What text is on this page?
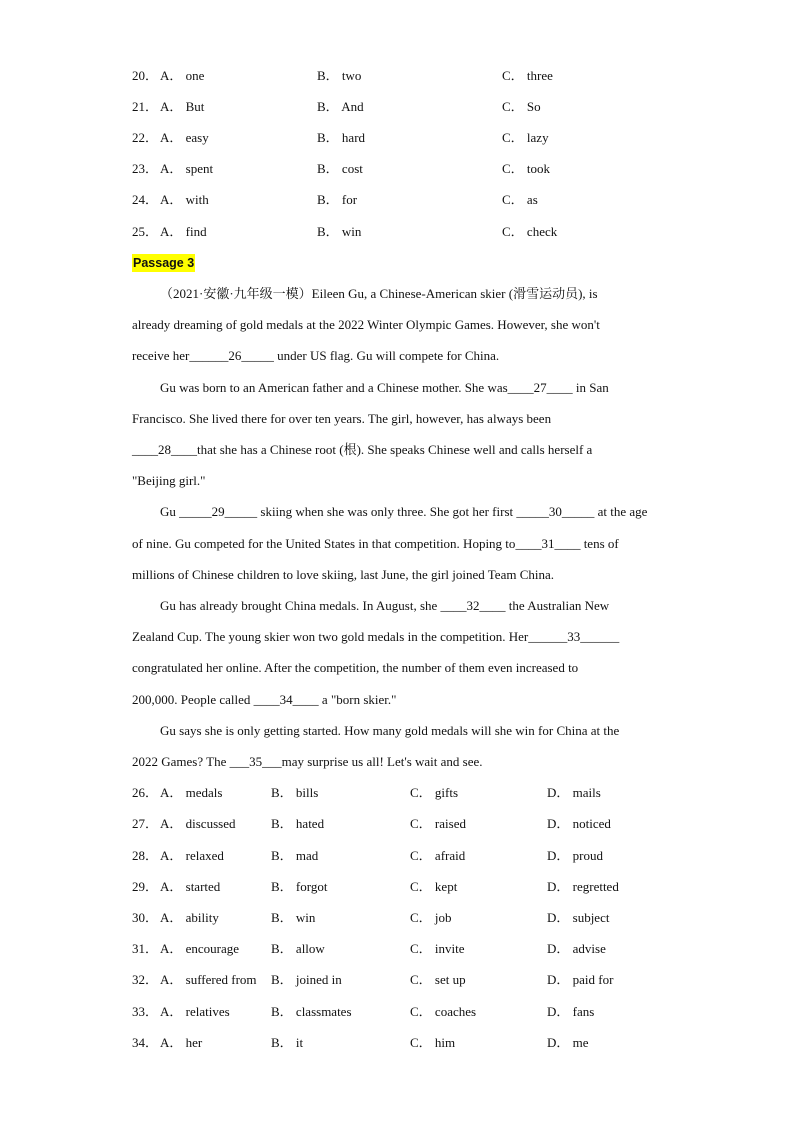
20． A． one	B． two	C． three
21． A． But	B． And	C． So
22． A． easy	B． hard	C． lazy
23． A． spent	B． cost	C． took
24． A． with	B． for	C． as
25． A． find	B． win	C． check
Passage 3
（2021·安徽·九年级一模）Eileen Gu, a Chinese-American skier (滑雪运动员), is
already dreaming of gold medals at the 2022 Winter Olympic Games. However, she won't
receive her______26_____ under US flag. Gu will compete for China.
Gu was born to an American father and a Chinese mother. She was____27____ in San
Francisco. She lived there for over ten years. The girl, however, has always been
____28____that she has a Chinese root (根). She speaks Chinese well and calls herself a
"Beijing girl."
Gu _____29_____ skiing when she was only three. She got her first _____30_____ at the age
of nine. Gu competed for the United States in that competition. Hoping to____31____ tens of
millions of Chinese children to love skiing, last June, the girl joined Team China.
Gu has already brought China medals. In August, she ____32____ the Australian New
Zealand Cup. The young skier won two gold medals in the competition. Her______33______
congratulated her online. After the competition, the number of them even increased to
200,000. People called ____34____ a "born skier."
Gu says she is only getting started. How many gold medals will she win for China at the
2022 Games? The ___35___may surprise us all! Let's wait and see.
26． A． medals	B． bills	C． gifts	D． mails
27． A． discussed	B． hated	C． raised	D． noticed
28． A． relaxed	B． mad	C． afraid	D． proud
29． A． started	B． forgot	C． kept	D． regretted
30． A． ability	B． win	C． job	D． subject
31． A． encourage B． allow	C． invite	D． advise
32． A． suffered from B． joined in	C． set up	D． paid for
33． A． relatives	B． classmates	C． coaches	D． fans
34． A． her	B． it	C． him	D． me
